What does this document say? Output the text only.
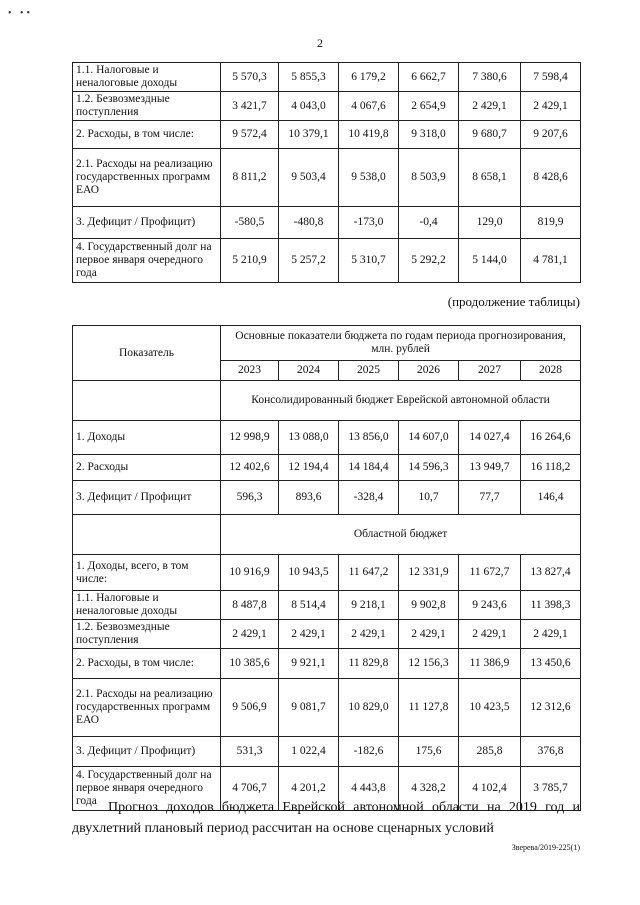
• ••
2
1.1. Налоговые и неналоговые доходы	5 570,3	5 855,3	6 179,2	6 662,7	7 380,6	7 598,4
1.2. Безвозмездные поступления	3 421,7	4 043,0	4 067,6	2 654,9	2 429,1	2 429,1
2. Расходы, в том числе:	9 572,4	10 379,1	10 419,8	9 318,0	9 680,7	9 207,6
2.1. Расходы на реализацию государственных программ ЕАО	8 811,2	9 503,4	9 538,0	8 503,9	8 658,1	8 428,6
3. Дефицит / Профицит)	-580,5	-480,8	-173,0	-0,4	129,0	819,9
4. Государственный долг на первое января очередного года	5 210,9	5 257,2	5 310,7	5 292,2	5 144,0	4 781,1
(продолжение таблицы)
Показатель	Основные показатели бюджета по годам периода прогнозирования, млн. рублей					
	2023	2024	2025	2026	2027	2028
	Консолидированный бюджет Еврейской автономной области					
1. Доходы	12 998,9	13 088,0	13 856,0	14 607,0	14 027,4	16 264,6
2. Расходы	12 402,6	12 194,4	14 184,4	14 596,3	13 949,7	16 118,2
3. Дефицит / Профицит	596,3	893,6	-328,4	10,7	77,7	146,4
	Областной бюджет					
1. Доходы, всего, в том числе:	10 916,9	10 943,5	11 647,2	12 331,9	11 672,7	13 827,4
1.1. Налоговые и неналоговые доходы	8 487,8	8 514,4	9 218,1	9 902,8	9 243,6	11 398,3
1.2. Безвозмездные поступления	2 429,1	2 429,1	2 429,1	2 429,1	2 429,1	2 429,1
2. Расходы, в том числе:	10 385,6	9 921,1	11 829,8	12 156,3	11 386,9	13 450,6
2.1. Расходы на реализацию государственных программ ЕАО	9 506,9	9 081,7	10 829,0	11 127,8	10 423,5	12 312,6
3. Дефицит / Профицит)	531,3	1 022,4	-182,6	175,6	285,8	376,8
4. Государственный долг на первое января очередного года	4 706,7	4 201,2	4 443,8	4 328,2	4 102,4	3 785,7
Прогноз доходов бюджета Еврейской автономной области на 2019 год и двухлетний плановый период рассчитан на основе сценарных условий
Зверева/2019-225(1)
